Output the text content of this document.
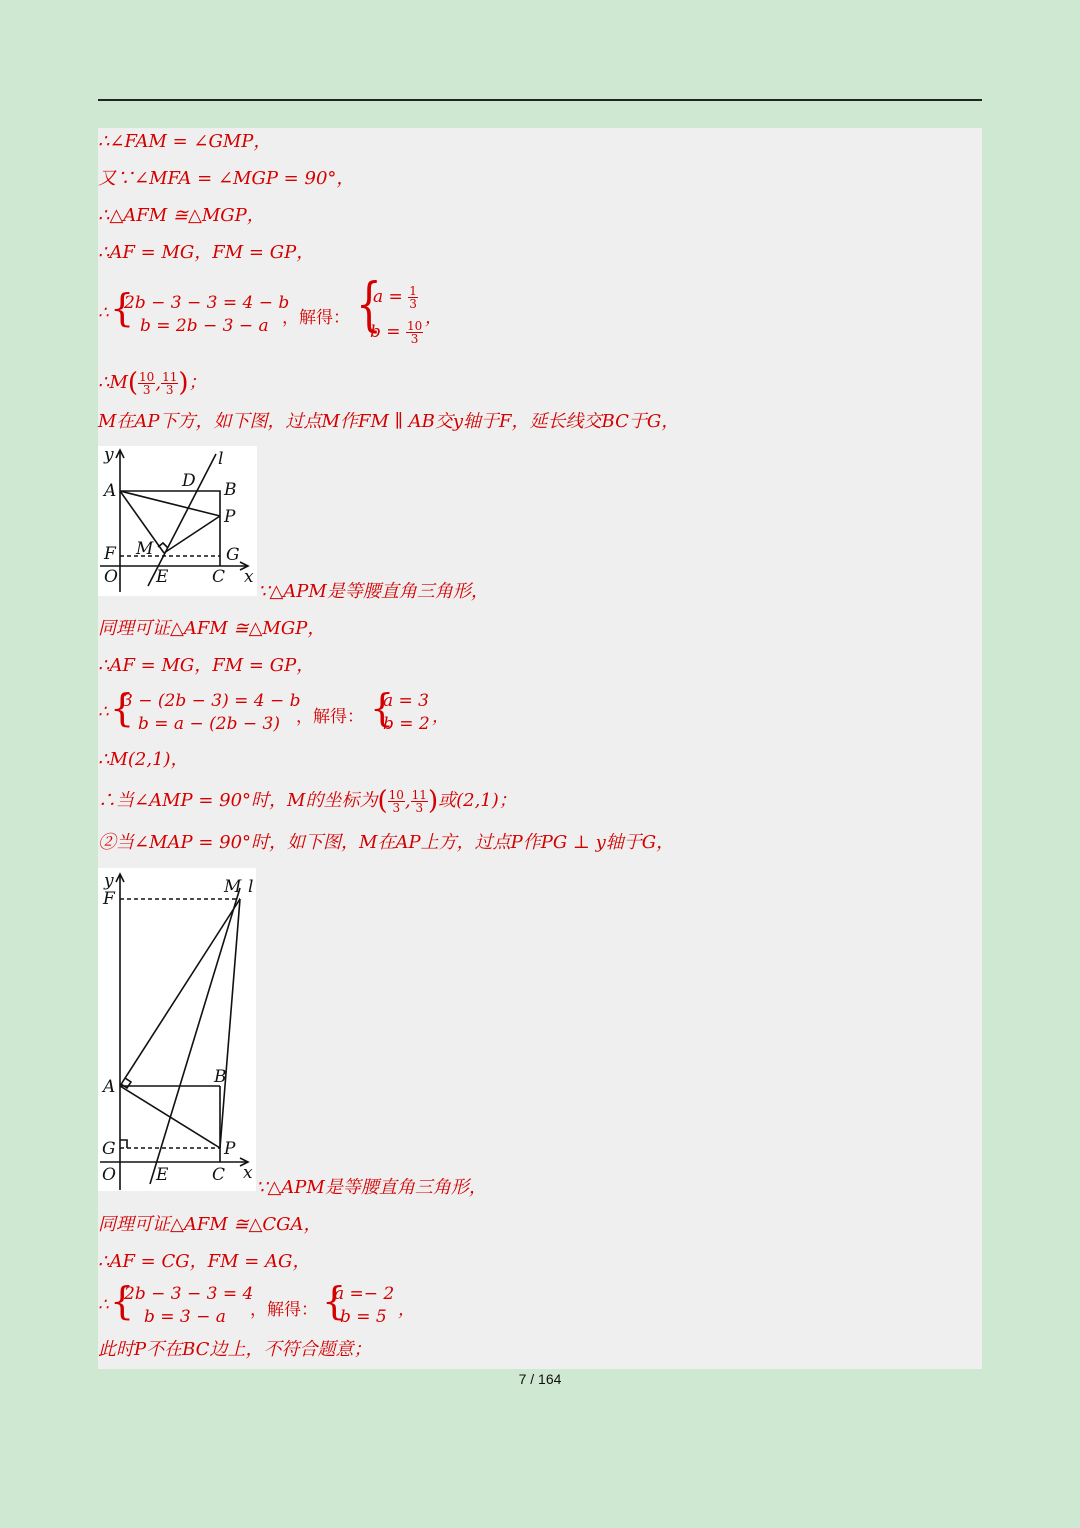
∴∠FAM = ∠GMP，
又∵∠MFA = ∠MGP = 90°，
∴△AFM ≅△MGP，
∴AF = MG，FM = GP，
∴ {
2b − 3 − 3 = 4 − b
b = 2b − 3 − a ，解得： {
$a = \frac{1}{3}$
$b = \frac{10}{3}$
，
∴M( $\frac{10}{3}$ , $\frac{11}{3}$ )；
M在AP下方，如下图，过点M作FM ∥ AB交y轴于F，延长线交BC于G，
y	l
A	D B
P
F M	G
O E	C x
∵△APM是等腰直角三角形，
同理可证△AFM ≅△MGP，
∴AF = MG，FM = GP，
∴ {
3 − (2b − 3) = 4 − b
b = a − (2b − 3) ，解得： {
a = 3
b = 2 ，
∴M(2,1)，
∴当∠AMP = 90°时，M的坐标为( $\frac{10}{3}$ , $\frac{11}{3}$ )或(2,1)；
②当∠MAP = 90°时，如下图，M在AP上方，过点P作PG ⊥ y轴于G，
y	M l
F
A	B
G	P
O E	C x
∵△APM是等腰直角三角形，
同理可证△AFM ≅△CGA，
∴AF = CG，FM = AG，
∴ {
2b − 3 − 3 = 4
b = 3 − a ，解得： {
a =− 2
b = 5 ，
此时P不在BC边上，不符合题意；
7 / 164
